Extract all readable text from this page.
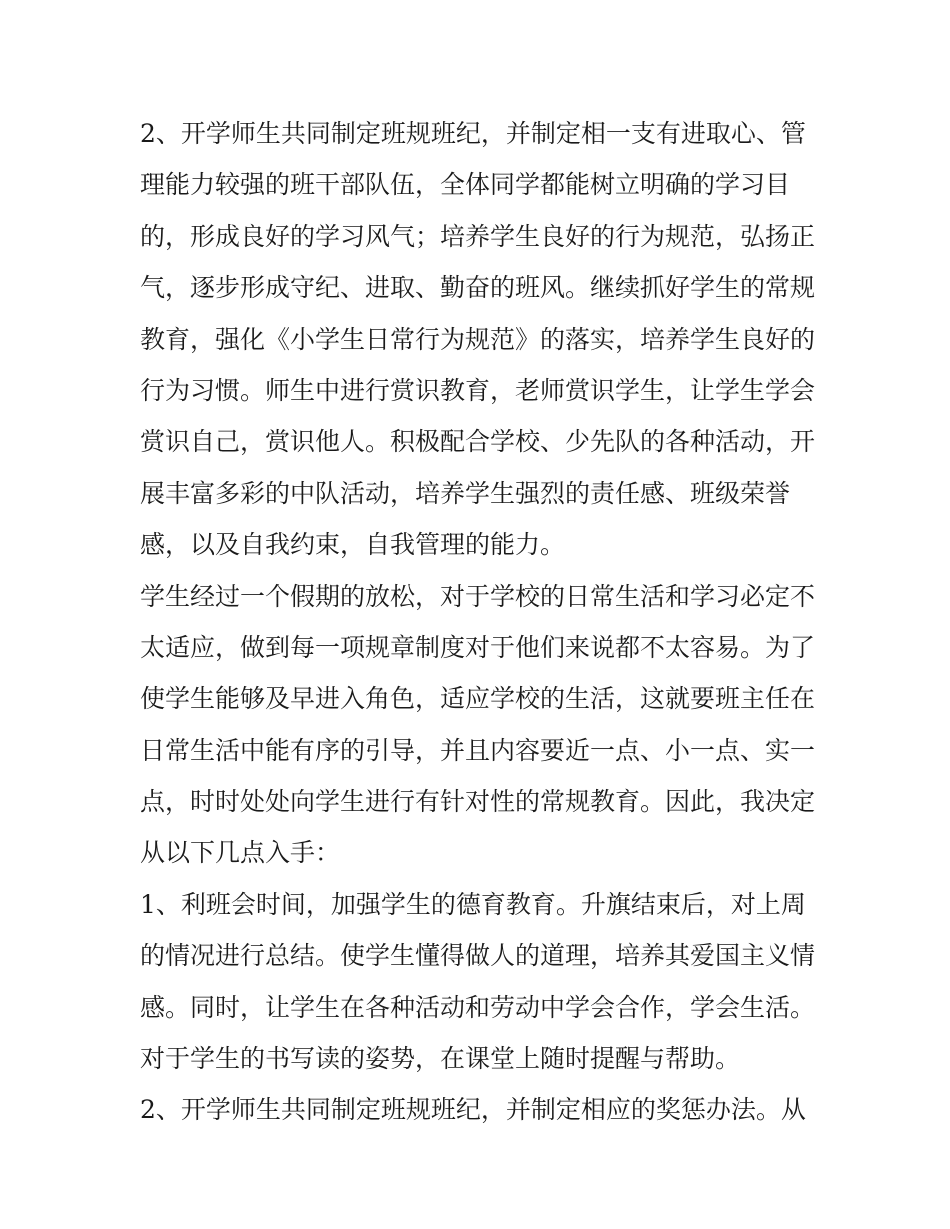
2、开学师生共同制定班规班纪，并制定相一支有进取心、管
理能力较强的班干部队伍，全体同学都能树立明确的学习目
的，形成良好的学习风气；培养学生良好的行为规范，弘扬正
气，逐步形成守纪、进取、勤奋的班风。继续抓好学生的常规
教育，强化《小学生日常行为规范》的落实，培养学生良好的
行为习惯。师生中进行赏识教育，老师赏识学生，让学生学会
赏识自己，赏识他人。积极配合学校、少先队的各种活动，开
展丰富多彩的中队活动，培养学生强烈的责任感、班级荣誉
感，以及自我约束，自我管理的能力。
学生经过一个假期的放松，对于学校的日常生活和学习必定不
太适应，做到每一项规章制度对于他们来说都不太容易。为了
使学生能够及早进入角色，适应学校的生活，这就要班主任在
日常生活中能有序的引导，并且内容要近一点、小一点、实一
点，时时处处向学生进行有针对性的常规教育。因此，我决定
从以下几点入手：
1、利班会时间，加强学生的德育教育。升旗结束后，对上周
的情况进行总结。使学生懂得做人的道理，培养其爱国主义情
感。同时，让学生在各种活动和劳动中学会合作，学会生活。
对于学生的书写读的姿势，在课堂上随时提醒与帮助。
2、开学师生共同制定班规班纪，并制定相应的奖惩办法。从
